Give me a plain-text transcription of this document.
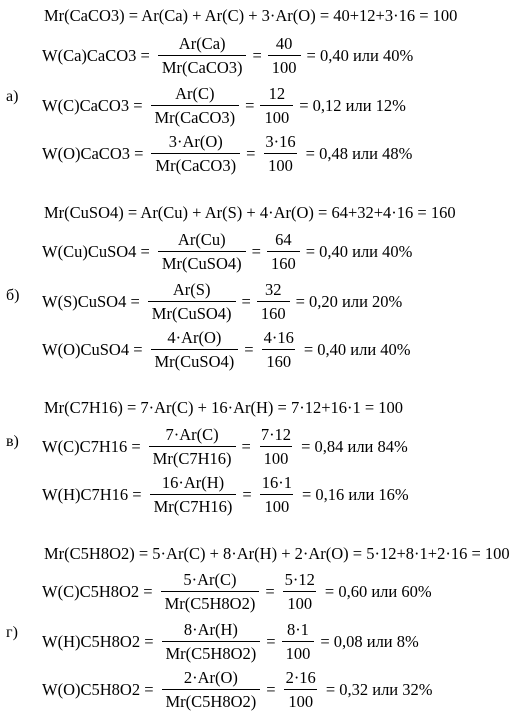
Mr(CaCO3) = Ar(Ca) + Ar(C) + 3·Ar(O) = 40+12+3·16 = 100
а)
W(Ca)CaCO3 =
Ar(Ca)
Mr(CaCO3)
= $\frac{40}{100} = 0,40$ или 40%
W(C)CaCO3 =
Ar(C)
Mr(CaCO3)
= $\frac{12}{100} = 0,12$ или 12%
W(O)CaCO3 =
3·Ar(O)
Mr(CaCO3)
= $\frac{3\cdot 16}{100} = 0,48$ или 48%
Mr(CuSO4) = Ar(Cu) + Ar(S) + 4·Ar(O) = 64+32+4·16 = 160
б)
W(Cu)CuSO4 =
Ar(Cu)
Mr(CuSO4)
= $\frac{64}{160} = 0,40$ или 40%
W(S)CuSO4 =
Ar(S)
Mr(CuSO4)
= $\frac{32}{160} = 0,20$ или 20%
W(O)CuSO4 =
4·Ar(O)
Mr(CuSO4)
= $\frac{4\cdot 16}{160} = 0,40$ или 40%
Mr(C7H16) = 7·Ar(C) + 16·Ar(H) = 7·12+16·1 = 100
в) $W(C)C7H16 = \frac{7\cdot Ar(C)}{Mr(C7H16)} = \frac{7\cdot 12}{100} = 0,84$ или 84%
$W(H)C7H16 = \frac{16\cdot Ar(H)}{Mr(C7H16)} = \frac{16\cdot 1}{100} = 0,16$ или 16%
Mr(C5H8O2) = 5·Ar(C) + 8·Ar(H) + 2·Ar(O) = 5·12+8·1+2·16 = 100
г)
$W(C)C5H8O2 = \frac{5\cdot Ar(C)}{Mr(C5H8O2)} = \frac{5\cdot 12}{100} = 0,60$ или 60%
$W(H)C5H8O2 = \frac{8\cdot Ar(H)}{Mr(C5H8O2)} = \frac{8\cdot 1}{100} = 0,08$ или 8%
$W(O)C5H8O2 = \frac{2\cdot Ar(O)}{Mr(C5H8O2)} = \frac{2\cdot 16}{100} = 0,32$ или 32%
